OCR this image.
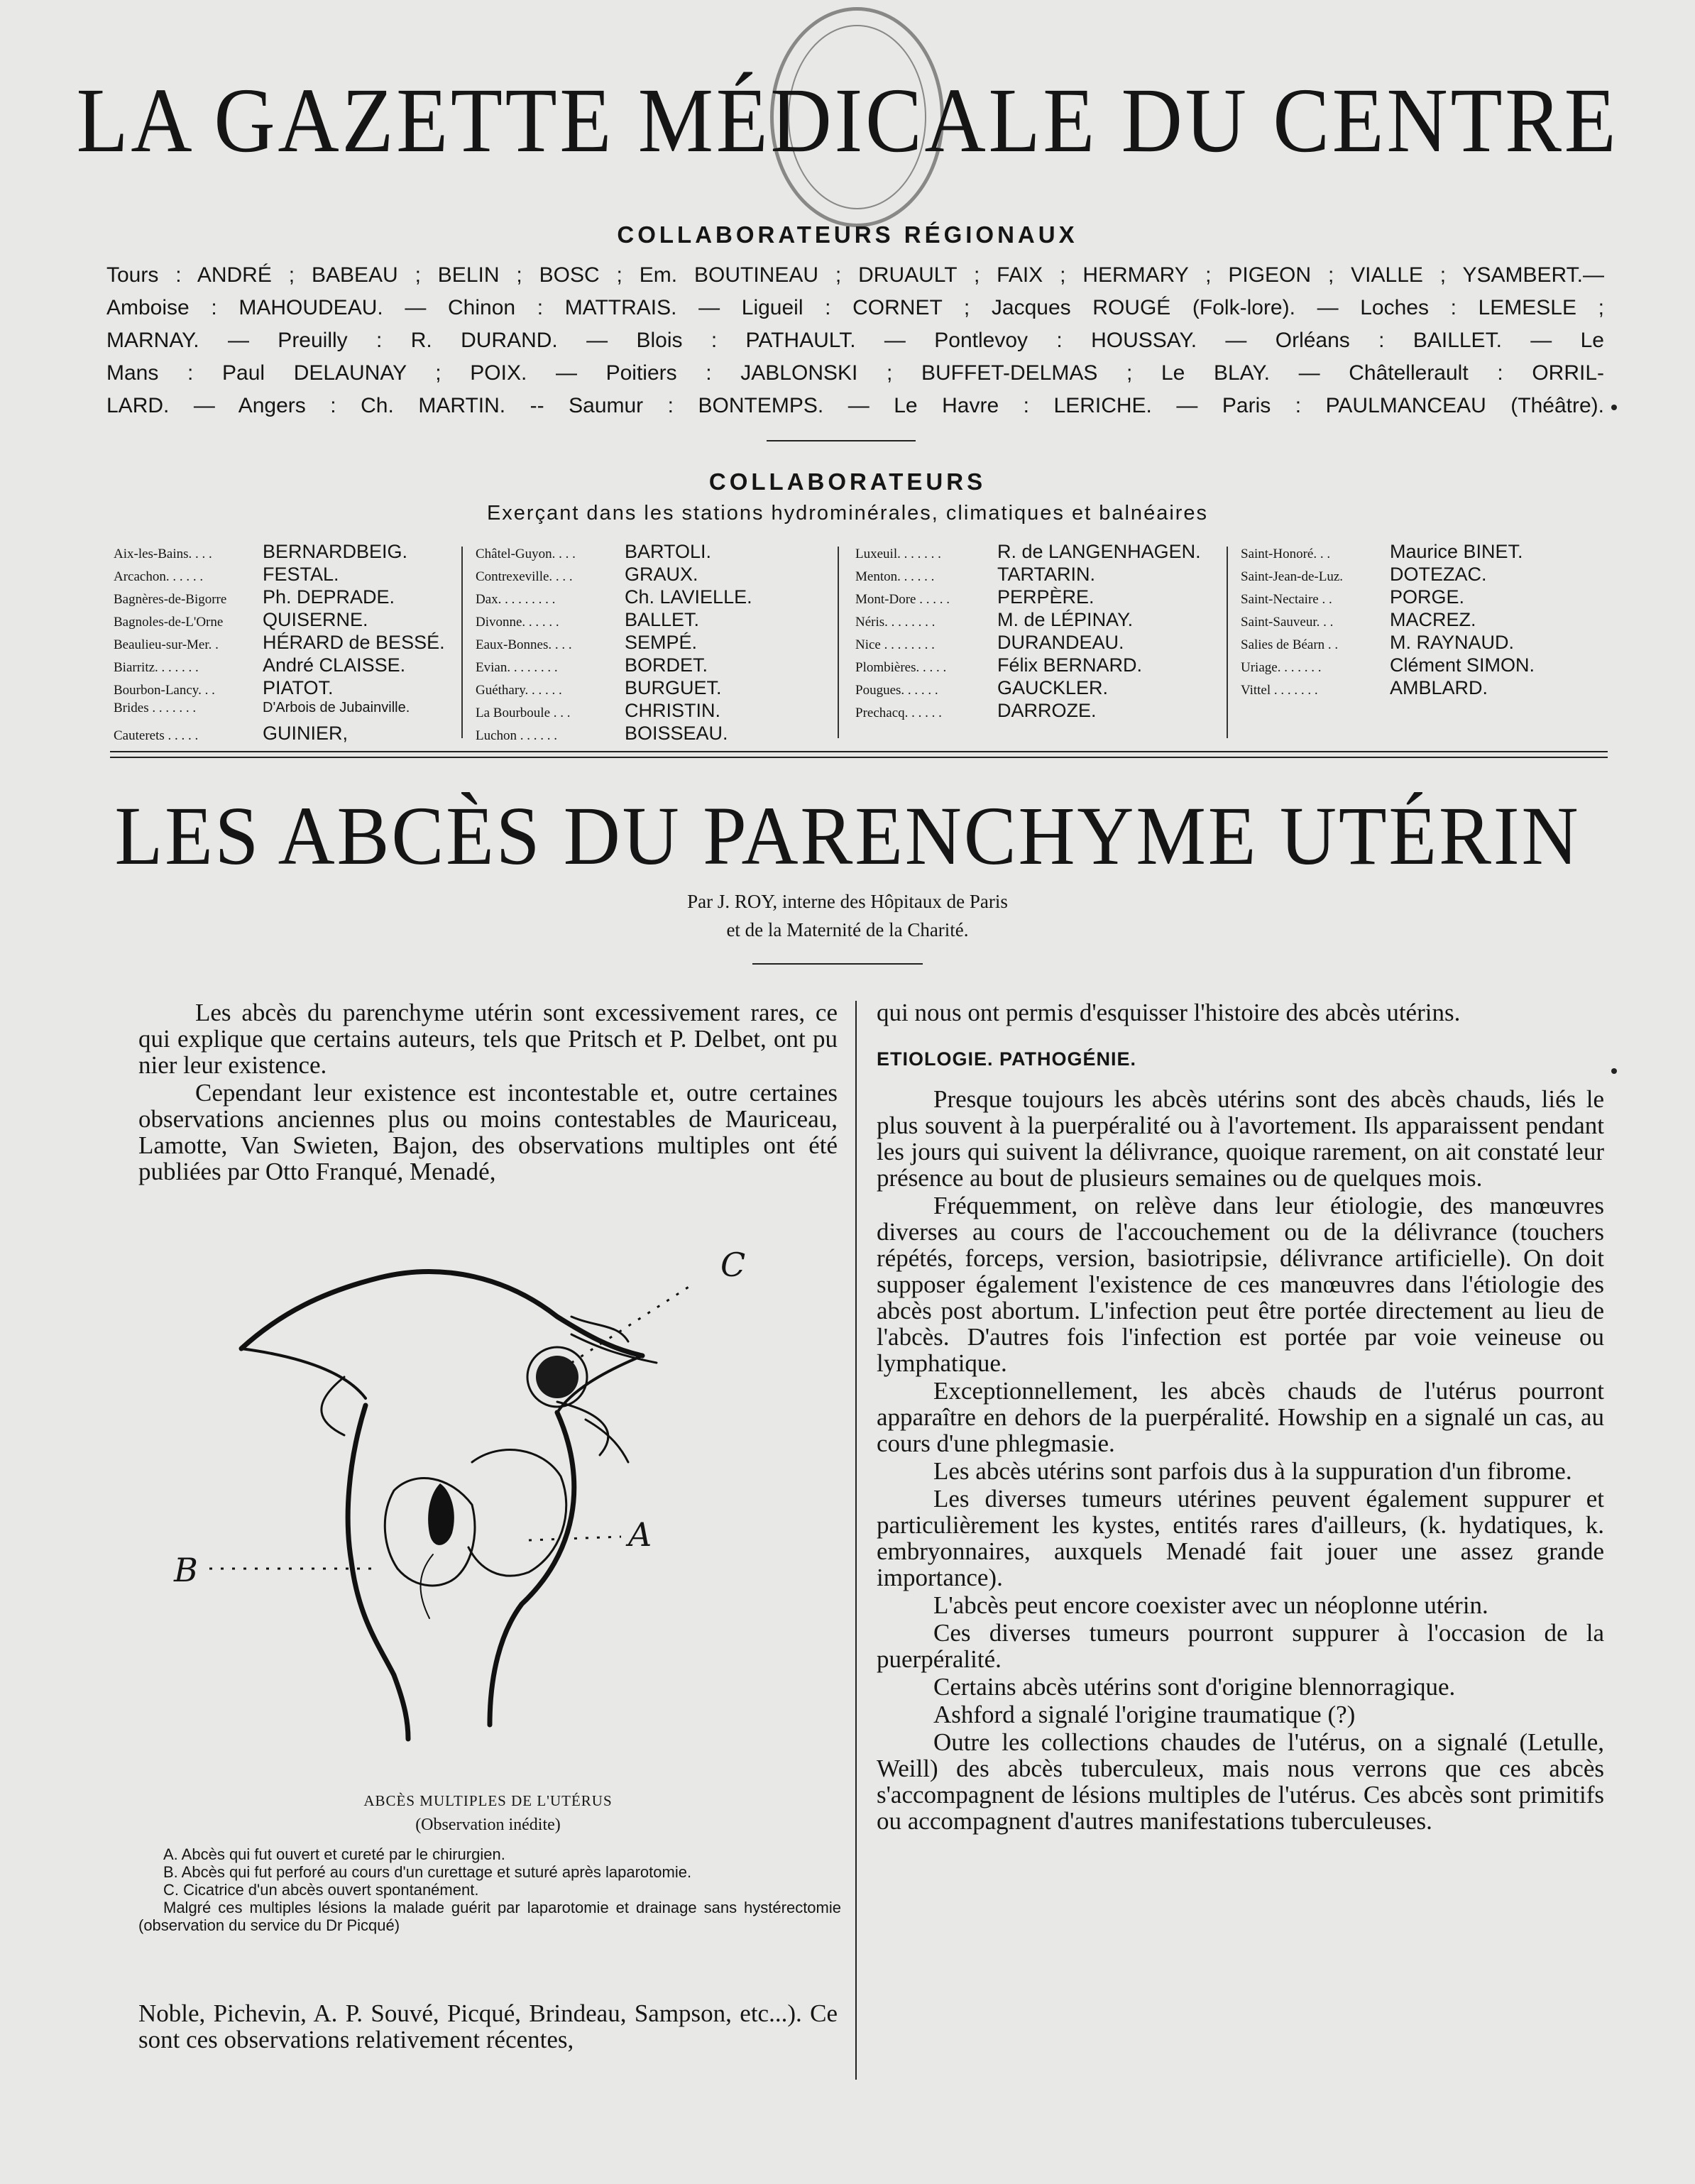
LA GAZETTE MÉDICALE DU CENTRE
COLLABORATEURS RÉGIONAUX
Tours : ANDRÉ ; BABEAU ; BELIN ; BOSC ; Em. BOUTINEAU ; DRUAULT ; FAIX ; HERMARY ; PIGEON ; VIALLE ; YSAMBERT.—
Amboise : MAHOUDEAU. — Chinon : MATTRAIS. — Ligueil : CORNET ; Jacques ROUGÉ (Folk-lore). — Loches : LEMESLE ;
MARNAY. — Preuilly : R. DURAND. — Blois : PATHAULT. — Pontlevoy : HOUSSAY. — Orléans : BAILLET. — Le
Mans : Paul DELAUNAY ; POIX. — Poitiers : JABLONSKI ; BUFFET-DELMAS ; Le BLAY. — Châtellerault : ORRIL-
LARD. — Angers : Ch. MARTIN. -- Saumur : BONTEMPS. — Le Havre : LERICHE. — Paris : PAULMANCEAU (Théâtre).
COLLABORATEURS
Exerçant dans les stations hydrominérales, climatiques et balnéaires
Aix-les-Bains. . . .	BERNARDBEIG.
Arcachon. . . . . .	FESTAL.
Bagnères-de-Bigorre Ph. DEPRADE.
Bagnoles-de-L'Orne QUISERNE.
Beaulieu-sur-Mer. . HÉRARD de BESSÉ.
Biarritz. . . . . . .	André CLAISSE.
Bourbon-Lancy. . . PIATOT.
Brides . . . . . . .	D'Arbois de Jubainville.
Cauterets . . . . .	GUINIER,
Châtel-Guyon. . . .	BARTOLI.
Contrexeville. . . .	GRAUX.
Dax. . . . . . . . .	Ch. LAVIELLE.
Divonne. . . . . .	BALLET.
Eaux-Bonnes. . . .	SEMPÉ.
Evian. . . . . . . .	BORDET.
Guéthary. . . . . .	BURGUET.
La Bourboule . . .	CHRISTIN.
Luchon . . . . . .	BOISSEAU.
Luxeuil. . . . . . .	R. de LANGENHAGEN.
Menton. . . . . .	TARTARIN.
Mont-Dore . . . . . PERPÈRE.
Néris. . . . . . . .	M. de LÉPINAY.
Nice . . . . . . . .	DURANDEAU.
Plombières. . . . .	Félix BERNARD.
Pougues. . . . . .	GAUCKLER.
Prechacq. . . . . .	DARROZE.
Saint-Honoré. . .	Maurice BINET.
Saint-Jean-de-Luz. DOTEZAC.
Saint-Nectaire . .	PORGE.
Saint-Sauveur. . .	MACREZ.
Salies de Béarn . .	M. RAYNAUD.
Uriage. . . . . . .	Clément SIMON.
Vittel . . . . . . .	AMBLARD.
LES ABCÈS DU PARENCHYME UTÉRIN
Par J. ROY, interne des Hôpitaux de Paris
et de la Maternité de la Charité.

Les abcès du parenchyme utérin sont excessivement rares, ce qui explique que certains auteurs, tels que Pritsch et P. Delbet, ont pu nier leur existence.

Cependant leur existence est incontestable et, outre certaines observations anciennes plus ou moins contestables de Mauriceau, Lamotte, Van Swieten, Bajon, des observations multiples ont été publiées par Otto Franqué, Menadé,

B
A
C
ABCÈS MULTIPLES DE L'UTÉRUS
(Observation inédite)

A. Abcès qui fut ouvert et cureté par le chirurgien.

B. Abcès qui fut perforé au cours d'un curettage et suturé après laparotomie.

C. Cicatrice d'un abcès ouvert spontanément.

Malgré ces multiples lésions la malade guérit par laparotomie et drainage sans hystérectomie (observation du service du Dr Picqué)

Noble, Pichevin, A. P. Souvé, Picqué, Brindeau, Sampson, etc...). Ce sont ces observations relativement récentes,

qui nous ont permis d'esquisser l'histoire des abcès utérins.

ETIOLOGIE. PATHOGÉNIE.

Presque toujours les abcès utérins sont des abcès chauds, liés le plus souvent à la puerpéralité ou à l'avortement. Ils apparaissent pendant les jours qui suivent la délivrance, quoique rarement, on ait constaté leur présence au bout de plusieurs semaines ou de quelques mois.

Fréquemment, on relève dans leur étiologie, des manœuvres diverses au cours de l'accouchement ou de la délivrance (touchers répétés, forceps, version, basiotripsie, délivrance artificielle). On doit supposer également l'existence de ces manœuvres dans l'étiologie des abcès post abortum. L'infection peut être portée directement au lieu de l'abcès. D'autres fois l'infection est portée par voie veineuse ou lymphatique.

Exceptionnellement, les abcès chauds de l'utérus pourront apparaître en dehors de la puerpéralité. Howship en a signalé un cas, au cours d'une phlegmasie.

Les abcès utérins sont parfois dus à la suppuration d'un fibrome.

Les diverses tumeurs utérines peuvent également suppurer et particulièrement les kystes, entités rares d'ailleurs, (k. hydatiques, k. embryonnaires, auxquels Menadé fait jouer une assez grande importance).

L'abcès peut encore coexister avec un néoplonne utérin.

Ces diverses tumeurs pourront suppurer à l'occasion de la puerpéralité.

Certains abcès utérins sont d'origine blennorragique.

Ashford a signalé l'origine traumatique (?)

Outre les collections chaudes de l'utérus, on a signalé (Letulle, Weill) des abcès tuberculeux, mais nous verrons que ces abcès s'accompagnent de lésions multiples de l'utérus. Ces abcès sont primitifs ou accompagnent d'autres manifestations tuberculeuses.
